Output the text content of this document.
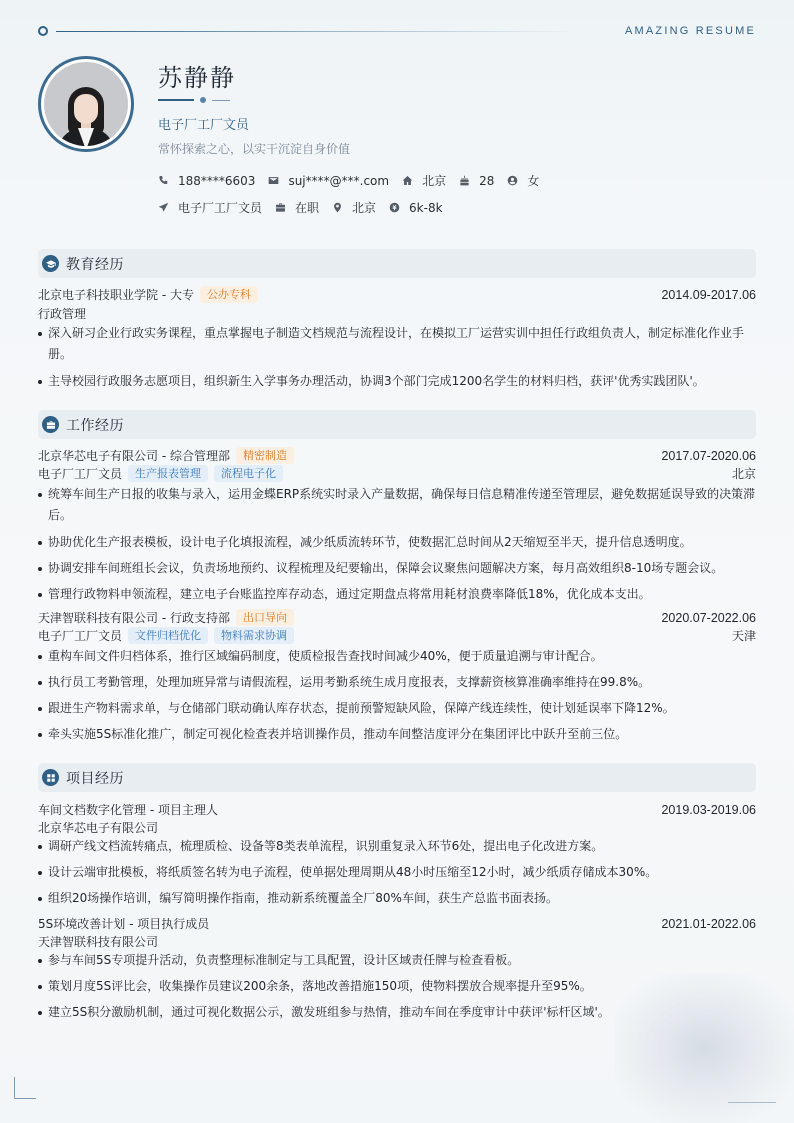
AMAZING RESUME
苏静静
电子厂工厂文员
常怀探索之心，以实干沉淀自身价值
188****6603	suj****@***.com	北京	28	女
电子厂工厂文员	在职	北京	6k-8k
教育经历
北京电子科技职业学院 - 大专	公办专科	2014.09-2017.06
行政管理
深入研习企业行政实务课程，重点掌握电子制造文档规范与流程设计，在模拟工厂运营实训中担任行政组负责人，制定标准化作业手册。
主导校园行政服务志愿项目，组织新生入学事务办理活动，协调3个部门完成1200名学生的材料归档，获评'优秀实践团队'。
工作经历
北京华芯电子有限公司 - 综合管理部	精密制造	2017.07-2020.06
电子厂工厂文员	生产报表管理	流程电子化	北京
统筹车间生产日报的收集与录入，运用金蝶ERP系统实时录入产量数据，确保每日信息精准传递至管理层，避免数据延误导致的决策滞后。
协助优化生产报表模板，设计电子化填报流程，减少纸质流转环节，使数据汇总时间从2天缩短至半天，提升信息透明度。
协调安排车间班组长会议，负责场地预约、议程梳理及纪要输出，保障会议聚焦问题解决方案，每月高效组织8-10场专题会议。
管理行政物料申领流程，建立电子台账监控库存动态，通过定期盘点将常用耗材浪费率降低18%，优化成本支出。
天津智联科技有限公司 - 行政支持部	出口导向	2020.07-2022.06
电子厂工厂文员	文件归档优化	物料需求协调	天津
重构车间文件归档体系，推行区域编码制度，使质检报告查找时间减少40%，便于质量追溯与审计配合。
执行员工考勤管理，处理加班异常与请假流程，运用考勤系统生成月度报表，支撑薪资核算准确率维持在99.8%。
跟进生产物料需求单，与仓储部门联动确认库存状态，提前预警短缺风险，保障产线连续性，使计划延误率下降12%。
牵头实施5S标准化推广，制定可视化检查表并培训操作员，推动车间整洁度评分在集团评比中跃升至前三位。
项目经历
车间文档数字化管理 - 项目主理人	2019.03-2019.06
北京华芯电子有限公司
调研产线文档流转痛点，梳理质检、设备等8类表单流程，识别重复录入环节6处，提出电子化改进方案。
设计云端审批模板，将纸质签名转为电子流程，使单据处理周期从48小时压缩至12小时，减少纸质存储成本30%。
组织20场操作培训，编写简明操作指南，推动新系统覆盖全厂80%车间，获生产总监书面表扬。
5S环境改善计划 - 项目执行成员	2021.01-2022.06
天津智联科技有限公司
参与车间5S专项提升活动，负责整理标准制定与工具配置，设计区域责任牌与检查看板。
策划月度5S评比会，收集操作员建议200余条，落地改善措施150项，使物料摆放合规率提升至95%。
建立5S积分激励机制，通过可视化数据公示，激发班组参与热情，推动车间在季度审计中获评'标杆区域'。
